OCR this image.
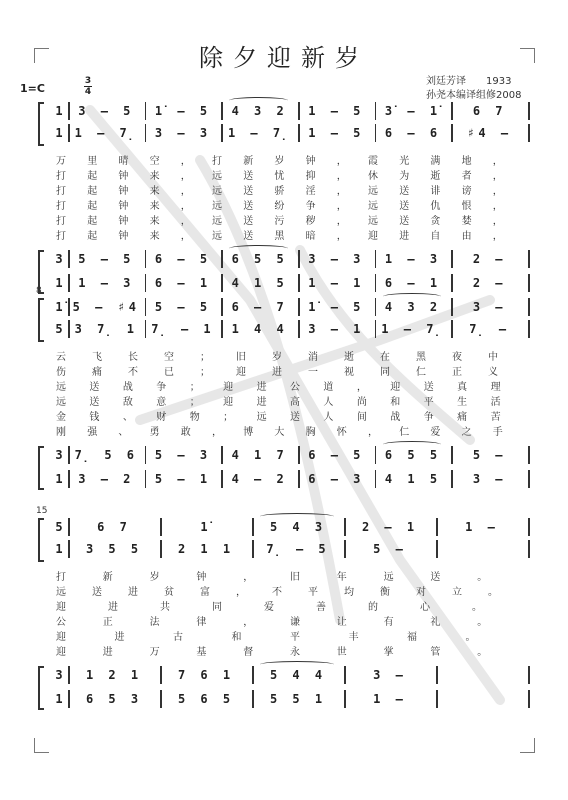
除夕迎新岁
刘廷芳译　　1933
孙尧本编译组修2008
1=C
3
4
1	3 – 5	1̇ – 5	4 3 2	1 – 5	3̇ – 1̇	6 7
1	1 – 7̣	3 – 3	1 – 7̣	1 – 5	6 – 6	♯4 –
3	5 – 5	6 – 5	6 5 5	3 – 3	1 – 3	2 –
1	1 – 3	6 – 1	4 1 5	1 – 1	6 – 1	2 –
万 里 晴 空 ， 打 新 岁 钟 ， 霞 光 满 地 ，
打 起 钟 来 ， 远 送 忧 抑 ， 休 为 逝 者 ，
打 起 钟 来 ， 远 送 骄 淫 ， 远 送 诽 谤 ，
打 起 钟 来 ， 远 送 纷 争 ， 远 送 仇 恨 ，
打 起 钟 来 ， 远 送 污 秽 ， 远 送 贪 婪 ，
打 起 钟 来 ， 远 送 黑 暗 ， 迎 进 自 由 ，
8
1̇ 5 – ♯4	5 – 5	6 – 7	1̇ – 5	4 3 2	3 –
5	3 7̣ 1	7̣ – 1	1 4 4	3 – 1	1 – 7̣	7̣ –
3	7̣ 5 6	5 – 3	4 1 7	6 – 5	6 5 5	5 –
1	3 – 2	5 – 1	4 – 2	6 – 3	4 1 5	3 –
云	飞	长	空	；	旧	岁	消	逝	在	黑	夜	中
伤	痛	不	已	；	迎	进	一	视	同	仁	正	义
远 送 战 争 ； 迎 进 公 道 ， 迎 送 真 理
远 送 敌 意 ； 迎 进 高 人 尚 和 平 生 活
金 钱 、 财 物 ； 远 送 人 间 战 争 痛 苦
刚 强 、 勇 敢 ， 博 大 胸 怀 ， 仁 爱 之 手
15
5	6 7	1̇	5 4 3	2 – 1	1 –
1	3 5 5	2 1 1	7̣ – 5	5 –
3	1 2 1	7 6 1	5 4 4	3 –
1	6 5 3	5 6 5	5 5 1	1 –
打	新	岁	钟	，	旧	年	远	送	。
远	送	进	贫	富	，	不	平	均	衡	对	立	。
迎	进	共	同	爱	善	的	心	。
公	正	法	律	，	谦	让	有	礼	。
迎	进	古	和	平	丰	福	。
迎	进	万	基	督	永	世	掌	管	。
